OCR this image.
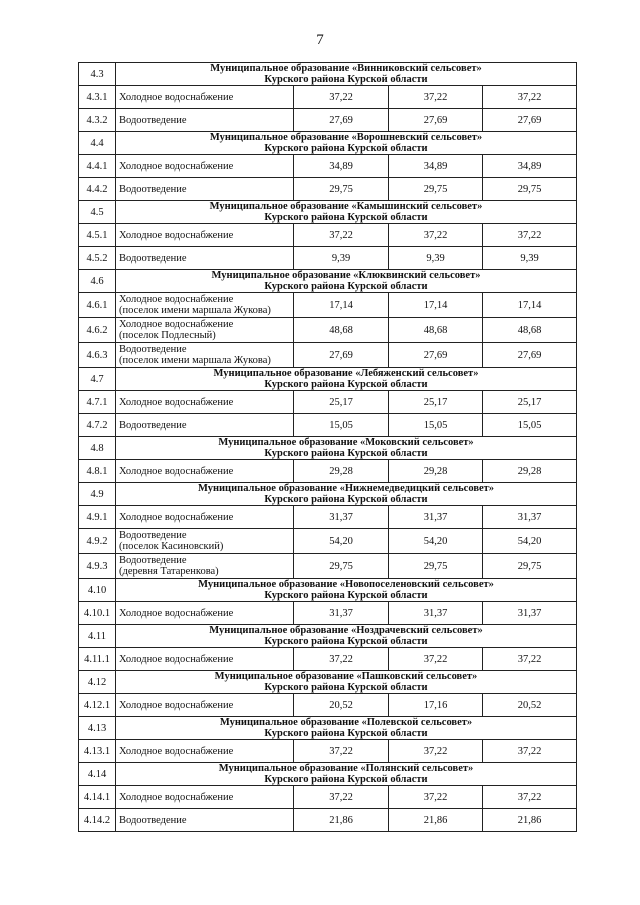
7
4.3	Муниципальное образование «Винниковский сельсовет»
Курского района Курской области			

4.3.1	Холодное водоснабжение	37,22	37,22	37,22
4.3.2	Водоотведение	27,69	27,69	27,69
4.4	Муниципальное образование «Ворошневский сельсовет»
Курского района Курской области			

4.4.1	Холодное водоснабжение	34,89	34,89	34,89
4.4.2	Водоотведение	29,75	29,75	29,75
4.5	Муниципальное образование «Камышинский сельсовет»
Курского района Курской области			

4.5.1	Холодное водоснабжение	37,22	37,22	37,22
4.5.2	Водоотведение	9,39	9,39	9,39
4.6	Муниципальное образование «Клюквинский сельсовет»
Курского района Курской области			

4.6.1	Холодное водоснабжение
(поселок имени маршала Жукова)	17,14	17,14	17,14
4.6.2	Холодное водоснабжение
(поселок Подлесный)	48,68	48,68	48,68
4.6.3	Водоотведение
(поселок имени маршала Жукова)	27,69	27,69	27,69
4.7	Муниципальное образование «Лебяженский сельсовет»
Курского района Курской области			

4.7.1	Холодное водоснабжение	25,17	25,17	25,17
4.7.2	Водоотведение	15,05	15,05	15,05
4.8	Муниципальное образование «Моковский сельсовет»
Курского района Курской области			

4.8.1	Холодное водоснабжение	29,28	29,28	29,28
4.9	Муниципальное образование «Нижнемедведицкий сельсовет»
Курского района Курской области			

4.9.1	Холодное водоснабжение	31,37	31,37	31,37
4.9.2	Водоотведение
(поселок Касиновский)	54,20	54,20	54,20
4.9.3	Водоотведение
(деревня Татаренкова)	29,75	29,75	29,75
4.10	Муниципальное образование «Новопоселеновский сельсовет»
Курского района Курской области			

4.10.1	Холодное водоснабжение	31,37	31,37	31,37
4.11	Муниципальное образование «Ноздрачевский сельсовет»
Курского района Курской области			

4.11.1	Холодное водоснабжение	37,22	37,22	37,22
4.12	Муниципальное образование «Пашковский сельсовет»
Курского района Курской области			

4.12.1	Холодное водоснабжение	20,52	17,16	20,52
4.13	Муниципальное образование «Полевской сельсовет»
Курского района Курской области			

4.13.1	Холодное водоснабжение	37,22	37,22	37,22
4.14	Муниципальное образование «Полянский сельсовет»
Курского района Курской области			

4.14.1	Холодное водоснабжение	37,22	37,22	37,22
4.14.2	Водоотведение	21,86	21,86	21,86
